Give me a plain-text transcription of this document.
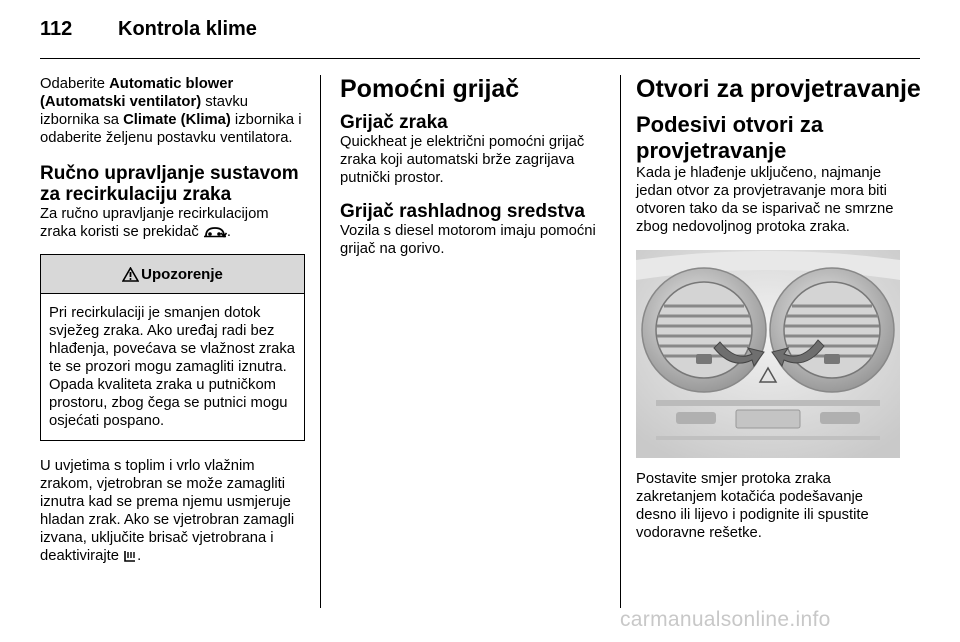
112 Kontrola klime

Odaberite Automatic blower (Automatski ventilator) stavku izbornika sa Climate (Klima) izbornika i odaberite željenu postavku ventilatora.

Ručno upravljanje sustavom za recirkulaciju zraka

Za ručno upravljanje recirkulacijom zraka koristi se prekidač .

Upozorenje

Pri recirkulaciji je smanjen dotok svježeg zraka. Ako uređaj radi bez hlađenja, povećava se vlažnost zraka te se prozori mogu zamagliti iznutra. Opada kvaliteta zraka u putničkom prostoru, zbog čega se putnici mogu osjećati pospano.

U uvjetima s toplim i vrlo vlažnim zrakom, vjetrobran se može zamagliti iznutra kad se prema njemu usmjeruje hladan zrak. Ako se vjetrobran zamagli izvana, uključite brisač vjetrobrana i deaktivirajte .

Pomoćni grijač
Grijač zraka

Quickheat je električni pomoćni grijač zraka koji automatski brže zagrijava putnički prostor.

Grijač rashladnog sredstva

Vozila s diesel motorom imaju pomoćni grijač na gorivo.

Otvori za provjetravanje
Podesivi otvori za provjetravanje

Kada je hlađenje uključeno, najmanje jedan otvor za provjetravanje mora biti otvoren tako da se isparivač ne smrzne zbog nedovoljnog protoka zraka.

Postavite smjer protoka zraka zakretanjem kotačića podešavanje desno ili lijevo i podignite ili spustite vodoravne rešetke.

carmanualsonline.info
